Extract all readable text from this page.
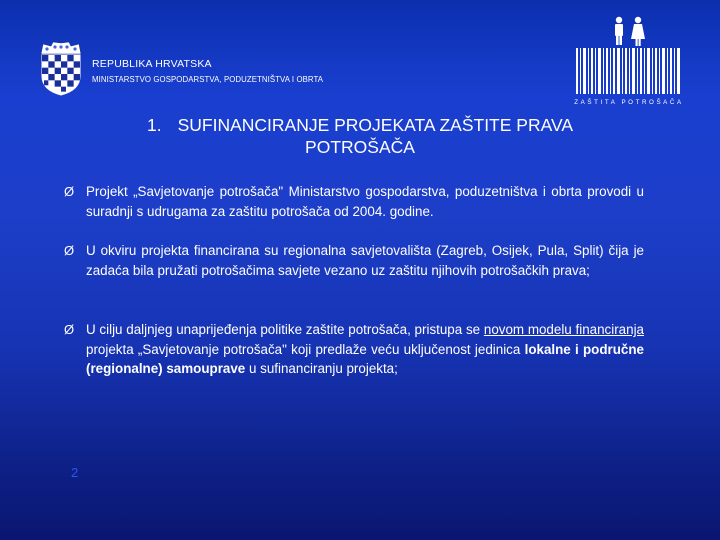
REPUBLIKA HRVATSKA
MINISTARSTVO GOSPODARSTVA, PODUZETNIŠTVA I OBRTA
ZAŠTITA POTROŠAČA
1. SUFINANCIRANJE PROJEKATA ZAŠTITE PRAVA
POTROŠAČA
Ø Projekt „Savjetovanje potrošača" Ministarstvo gospodarstva, poduzetništva i obrta provodi u suradnji s udrugama za zaštitu potrošača od 2004. godine.
Ø U okviru projekta financirana su regionalna savjetovališta (Zagreb, Osijek, Pula, Split) čija je zadaća bila pružati potrošačima savjete vezano uz zaštitu njihovih potrošačkih prava;
Ø U cilju daljnjeg unaprijeđenja politike zaštite potrošača, pristupa se novom modelu financiranja projekta „Savjetovanje potrošača" koji predlaže veću uključenost jedinica lokalne i područne (regionalne) samouprave u sufinanciranju projekta;
2
